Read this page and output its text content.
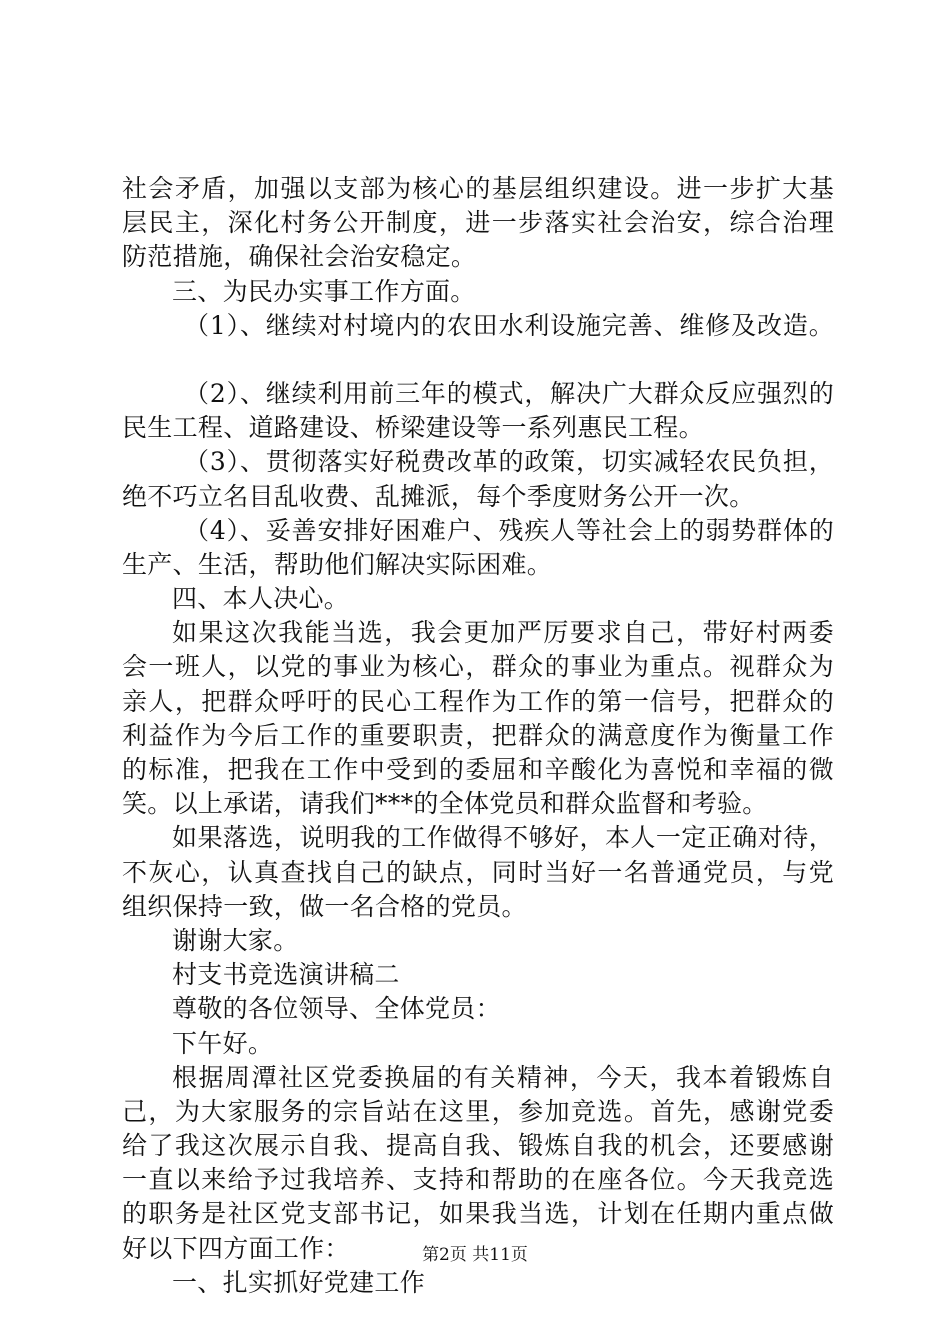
社会矛盾，加强以支部为核心的基层组织建设。进一步扩大基
层民主，深化村务公开制度，进一步落实社会治安，综合治理
防范措施，确保社会治安稳定。
三、为民办实事工作方面。
（1）、继续对村境内的农田水利设施完善、维修及改造。
（2）、继续利用前三年的模式，解决广大群众反应强烈的
民生工程、道路建设、桥梁建设等一系列惠民工程。
（3）、贯彻落实好税费改革的政策，切实减轻农民负担，
绝不巧立名目乱收费、乱摊派，每个季度财务公开一次。
（4）、妥善安排好困难户、残疾人等社会上的弱势群体的
生产、生活，帮助他们解决实际困难。
四、本人决心。
如果这次我能当选，我会更加严厉要求自己，带好村两委
会一班人，以党的事业为核心，群众的事业为重点。视群众为
亲人，把群众呼吁的民心工程作为工作的第一信号，把群众的
利益作为今后工作的重要职责，把群众的满意度作为衡量工作
的标准，把我在工作中受到的委屈和辛酸化为喜悦和幸福的微
笑。以上承诺，请我们***的全体党员和群众监督和考验。
如果落选，说明我的工作做得不够好，本人一定正确对待，
不灰心，认真查找自己的缺点，同时当好一名普通党员，与党
组织保持一致，做一名合格的党员。
谢谢大家。
村支书竞选演讲稿二
尊敬的各位领导、全体党员：
下午好。
根据周潭社区党委换届的有关精神，今天，我本着锻炼自
己，为大家服务的宗旨站在这里，参加竞选。首先，感谢党委
给了我这次展示自我、提高自我、锻炼自我的机会，还要感谢
一直以来给予过我培养、支持和帮助的在座各位。今天我竞选
的职务是社区党支部书记，如果我当选，计划在任期内重点做
好以下四方面工作：
一、扎实抓好党建工作
第2页 共11页
